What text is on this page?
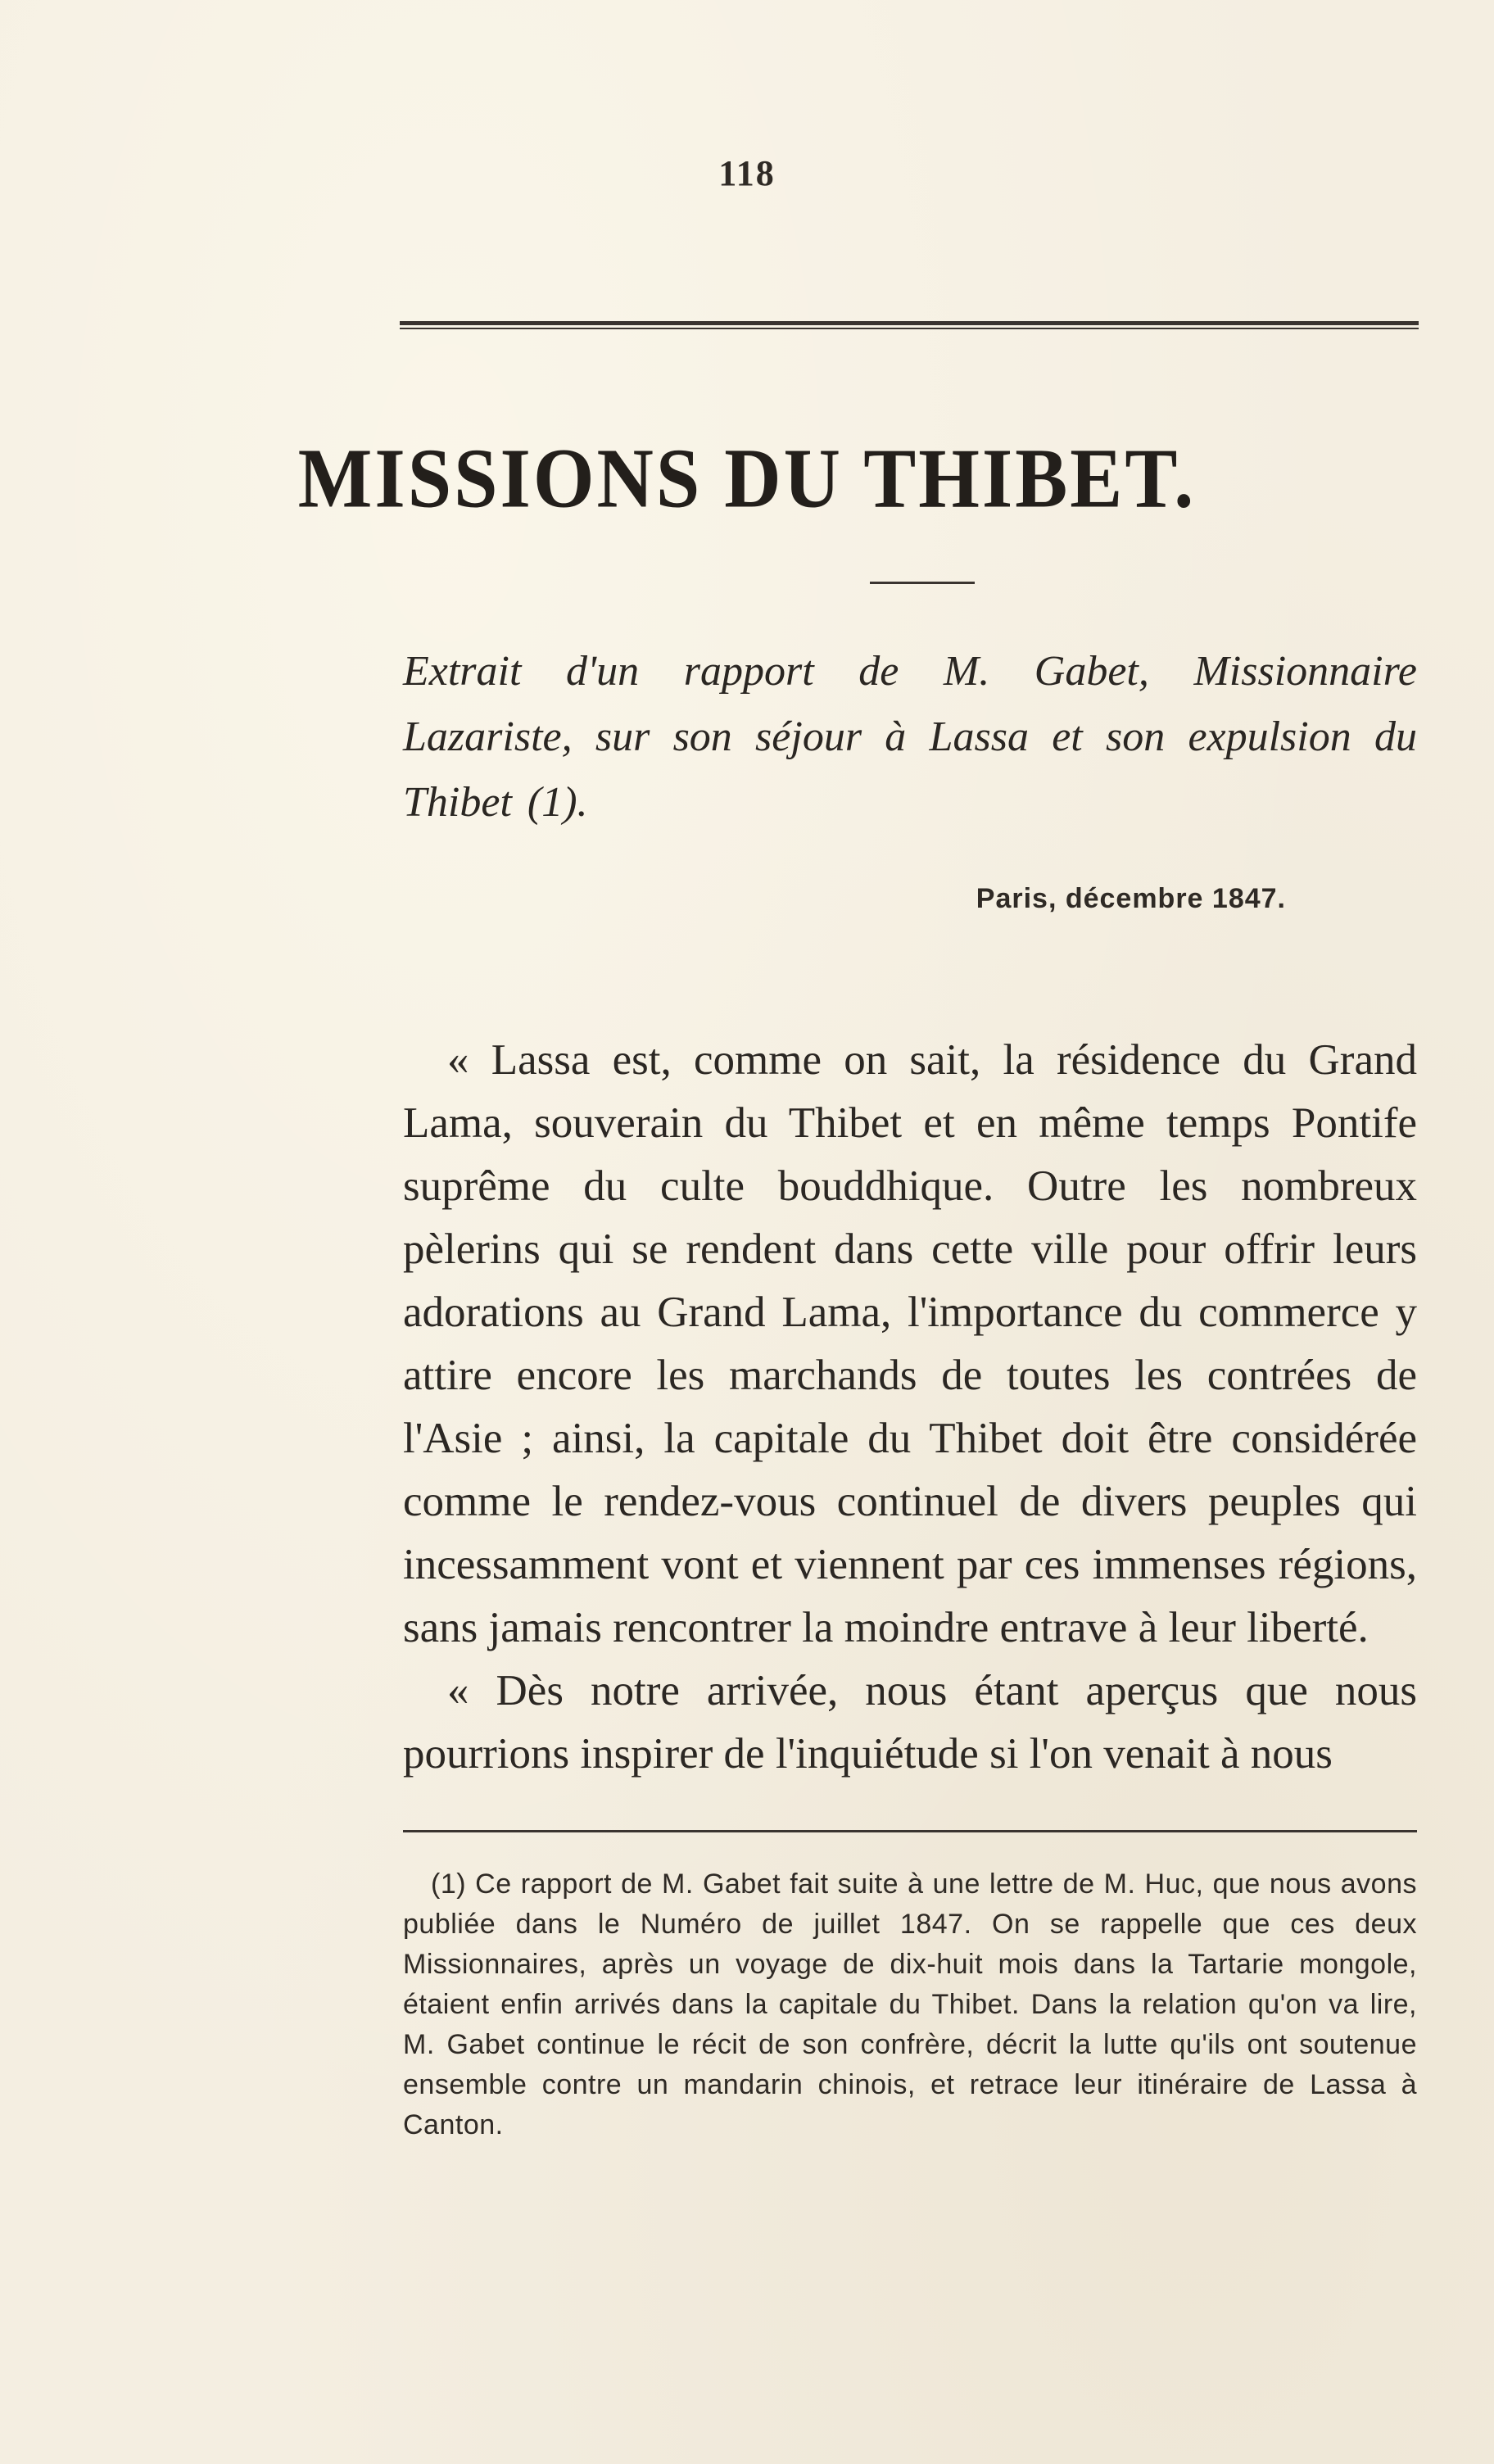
118
MISSIONS DU THIBET.
Extrait d'un rapport de M. Gabet, Missionnaire Lazariste, sur son séjour à Lassa et son expulsion du Thibet (1).
Paris, décembre 1847.

« Lassa est, comme on sait, la résidence du Grand Lama, souverain du Thibet et en même temps Pontife suprême du culte bouddhique. Outre les nombreux pèlerins qui se rendent dans cette ville pour offrir leurs adorations au Grand Lama, l'importance du commerce y attire encore les marchands de toutes les contrées de l'Asie ; ainsi, la capitale du Thibet doit être considérée comme le rendez-vous continuel de divers peuples qui incessamment vont et viennent par ces immenses régions, sans jamais rencontrer la moindre entrave à leur liberté.

« Dès notre arrivée, nous étant aperçus que nous pourrions inspirer de l'inquiétude si l'on venait à nous

(1) Ce rapport de M. Gabet fait suite à une lettre de M. Huc, que nous avons publiée dans le Numéro de juillet 1847. On se rappelle que ces deux Missionnaires, après un voyage de dix-huit mois dans la Tartarie mongole, étaient enfin arrivés dans la capitale du Thibet. Dans la relation qu'on va lire, M. Gabet continue le récit de son confrère, décrit la lutte qu'ils ont soutenue ensemble contre un mandarin chinois, et retrace leur itinéraire de Lassa à Canton.
